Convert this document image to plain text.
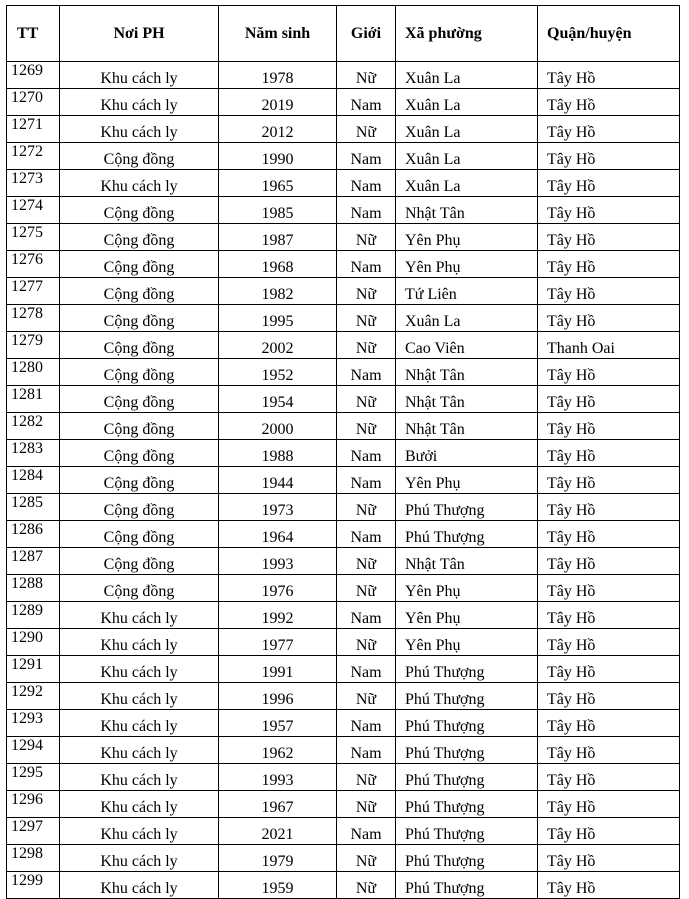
TT	Nơi PH	Năm sinh	Giới	Xã phường	Quận/huyện
1269	Khu cách ly	1978	Nữ	Xuân La	Tây Hồ
1270	Khu cách ly	2019	Nam	Xuân La	Tây Hồ
1271	Khu cách ly	2012	Nữ	Xuân La	Tây Hồ
1272	Cộng đồng	1990	Nam	Xuân La	Tây Hồ
1273	Khu cách ly	1965	Nam	Xuân La	Tây Hồ
1274	Cộng đồng	1985	Nam	Nhật Tân	Tây Hồ
1275	Cộng đồng	1987	Nữ	Yên Phụ	Tây Hồ
1276	Cộng đồng	1968	Nam	Yên Phụ	Tây Hồ
1277	Cộng đồng	1982	Nữ	Tứ Liên	Tây Hồ
1278	Cộng đồng	1995	Nữ	Xuân La	Tây Hồ
1279	Cộng đồng	2002	Nữ	Cao Viên	Thanh Oai
1280	Cộng đồng	1952	Nam	Nhật Tân	Tây Hồ
1281	Cộng đồng	1954	Nữ	Nhật Tân	Tây Hồ
1282	Cộng đồng	2000	Nữ	Nhật Tân	Tây Hồ
1283	Cộng đồng	1988	Nam	Bưởi	Tây Hồ
1284	Cộng đồng	1944	Nam	Yên Phụ	Tây Hồ
1285	Cộng đồng	1973	Nữ	Phú Thượng	Tây Hồ
1286	Cộng đồng	1964	Nam	Phú Thượng	Tây Hồ
1287	Cộng đồng	1993	Nữ	Nhật Tân	Tây Hồ
1288	Cộng đồng	1976	Nữ	Yên Phụ	Tây Hồ
1289	Khu cách ly	1992	Nam	Yên Phụ	Tây Hồ
1290	Khu cách ly	1977	Nữ	Yên Phụ	Tây Hồ
1291	Khu cách ly	1991	Nam	Phú Thượng	Tây Hồ
1292	Khu cách ly	1996	Nữ	Phú Thượng	Tây Hồ
1293	Khu cách ly	1957	Nam	Phú Thượng	Tây Hồ
1294	Khu cách ly	1962	Nam	Phú Thượng	Tây Hồ
1295	Khu cách ly	1993	Nữ	Phú Thượng	Tây Hồ
1296	Khu cách ly	1967	Nữ	Phú Thượng	Tây Hồ
1297	Khu cách ly	2021	Nam	Phú Thượng	Tây Hồ
1298	Khu cách ly	1979	Nữ	Phú Thượng	Tây Hồ
1299	Khu cách ly	1959	Nữ	Phú Thượng	Tây Hồ
